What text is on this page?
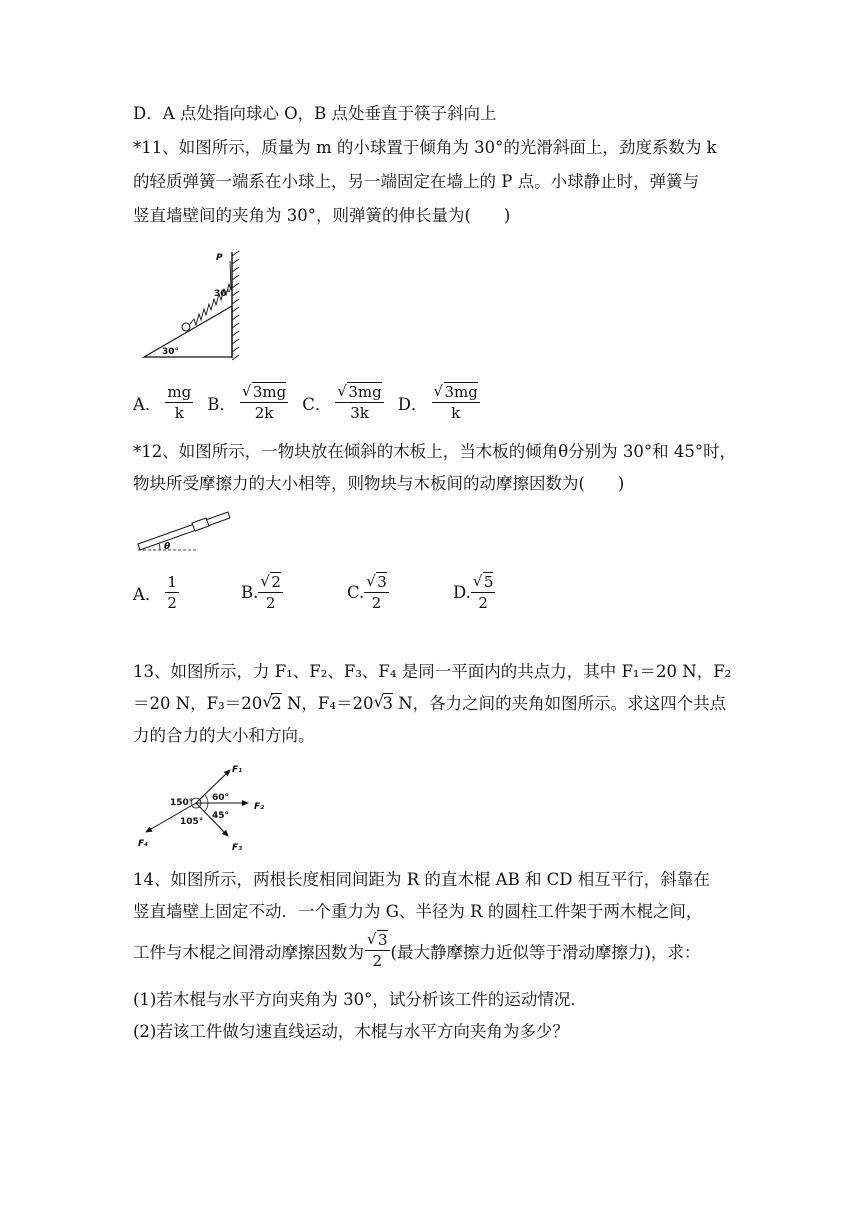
D．A 点处指向球心 O，B 点处垂直于筷子斜向上
*11、如图所示，质量为 m 的小球置于倾角为 30°的光滑斜面上，劲度系数为 k
的轻质弹簧一端系在小球上，另一端固定在墙上的 P 点。小球静止时，弹簧与
竖直墙壁间的夹角为 30°，则弹簧的伸长量为(　　)
P
30°
30°
A． $\frac{mg}{k}$ B． $\frac{√ 3mg}{2k}$ C． $\frac{√ 3mg}{3k}$ D． $\frac{√ 3mg}{k}$
*12、如图所示，一物块放在倾斜的木板上，当木板的倾角θ分别为 30°和 45°时，
物块所受摩擦力的大小相等，则物块与木板间的动摩擦因数为(　　)
θ
A． $\frac{1}{2}$	B. $\frac{√ 2}{2}$	C. $\frac{√ 3}{2}$	D. $\frac{√ 5}{2}$
13、如图所示，力 F₁、F₂、F₃、F₄ 是同一平面内的共点力，其中 F₁＝20 N，F₂
＝20 N，F₃＝20 √
2 N，F₄＝20 √
3 N，各力之间的夹角如图所示。求这四个共点
力的合力的大小和方向。
F₁
F₂
F₃
F₄
150° 60°
105°
45°
14、如图所示，两根长度相同间距为 R 的直木棍 AB 和 CD 相互平行，斜靠在
竖直墙壁上固定不动．一个重力为 G、半径为 R 的圆柱工件架于两木棍之间，
工件与木棍之间滑动摩擦因数为 $\frac{√ 3}{2}$ (最大静摩擦力近似等于滑动摩擦力)，求：
(1)若木棍与水平方向夹角为 30°，试分析该工件的运动情况．
(2)若该工件做匀速直线运动，木棍与水平方向夹角为多少？
